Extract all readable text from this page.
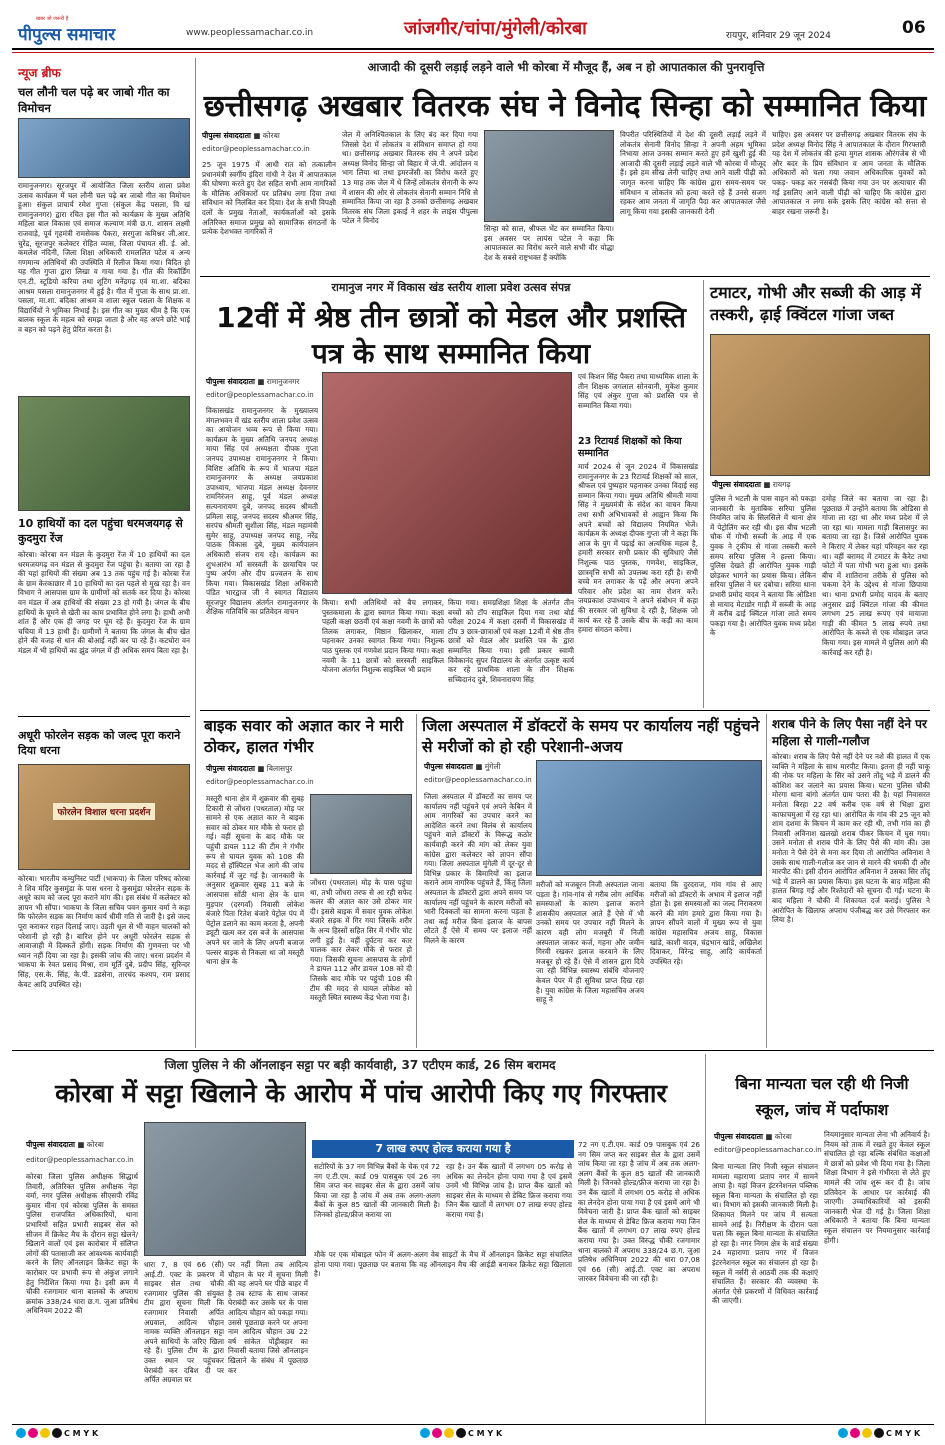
खबर जो जरूरी है
पीपुल्स समाचार	www.peoplessamachar.co.in	जांजगीर/चांपा/मुंगेली/कोरबा	रायपुर, शनिवार 29 जून 2024	06
न्यूज ब्रीफ
चल लौनी चल पढ़े बर जाबो गीत का विमोचन
रामानुजनगर। सूरजपुर में आयोजित जिला स्तरीय शाला प्रवेश उत्सव कार्यक्रम में चल लौनी चल पढ़े बर जाबो गीत का विमोचन हुआ। संकुल प्राचार्य रमेश गुप्ता (संकुल केंद्र पसला, वि खं रामानुजनगर) द्वारा रचित इस गीत को कार्यक्रम के मुख्य अतिथि महिला बाल विकास एवं समाज कल्याण मंत्री छ.ग. शासन लक्ष्मी राजवाड़े, पूर्व गृहमंत्री रामसेवक पैकरा, सरगुजा कमिश्नर जी.आर. चुरेंद्र, सूरजपुर कलेक्टर रोहित व्यास, जिला पंचायत सी. ई. ओ. कमलेश नंदिनी, जिला शिक्षा अधिकारी रामललित पटेल व अन्य गणमान्य अतिथियों की उपस्थिति में रिलीज किया गया। विदित हो यह गीत गुप्ता द्वारा लिखा व गाया गया है। गीत की रिकॉर्डिंग एन.टी. स्टूडियो करिया तथा शूटिंग मनेंद्रगढ़ एवं मा.शा. बदिका आश्रम पसला रामानुजनगर में हुई है। गीत में गुप्ता के साथ प्रा.शा. पसला, मा.शा. बदिका आश्रम व शाला स्कूल पसला के शिक्षक व विद्यार्थियों ने भूमिका निभाई है। इस गीत का मुख्य थीम है कि एक बालक स्कूल के महत्व को समझ जाता है और वह अपने छोटे भाई व बहन को पढ़ने हेतु प्रेरित करता है।
10 हाथियों का दल पहुंचा धरमजयगढ़ से कुदमुरा रेंज
कोरबा। कोरबा वन मंडल के कुदमुरा रेंज में 10 हाथियों का दल धरमजयगढ़ वन मंडल से कुदमुरा रेंज पहुंचा है। बताया जा रहा है की यहां हाथियों की संख्या अब 13 तक पहुंच गई है। कोरबा रेंज के ग्राम केरकाछार में 10 हाथियों का दल पहले से मुख रहा है। वन विभाग ने आसपास ग्राम के ग्रामीणों को सतर्क कर दिया है। कोरबा वन मंडल में अब हाथियों की संख्या 23 हो गयी है। जंगल के बीच हाथियों के घूमने से खेती का काम प्रभावित होने लगा है। हाथी अभी शांत हैं और एक ही जगह पर घूम रहे हैं। कुदमुरा रेंज के ग्राम चचिया में 13 हाथी हैं। ग्रामीणों ने बताया कि जंगल के बीच खेत होने की वजह से धान की बोआई नहीं कर पा रहे हैं। कटघोरा वन मंडल में भी हाथियों का झुंड जंगल में ही अधिक समय बिता रहा है।
अधूरी फोरलेन सड़क को जल्द पूरा कराने दिया धरना
फोरलेन विशाल धरना प्रदर्शन
कोरबा। भारतीय कम्युनिस्ट पार्टी (भाकपा) के जिला परिषद कोरबा ने शिव मंदिर कुसमुंडा के पास धरना दे कुसमुंडा फोरलेन सड़क के अधूरे काम को जल्द पूरा कराने मांग की। इस संबंध में कलेक्टर को ज्ञापन भी सौंपा। भाकपा के जिला सचिव पवन कुमार वर्मा ने कहा कि फोरलेन सड़क का निर्माण कार्य धीमी गति से जारी है। इसे जल्द पूरा कराकर राहत दिलाई जाए। उड़ती धूल से भी वाहन चालकों को परेशानी हो रही है। बारिश होने पर अधूरी फोरलेन सड़क से आवाजाही में दिक्कतें होंगी। सड़क निर्माण की गुणवत्ता पर भी ध्यान नहीं दिया जा रहा है। इसकी जांच की जाए। धरना प्रदर्शन में भाकपा के रेवत प्रसाद मिश्रा, राम मूर्ति दुबे, प्रदीप सिंह, सुरिन्दर सिंह, एस.के. सिंह, के.पी. डडसेना, तारचंद कश्यप, राम प्रसाद केवट आदि उपस्थित रहे।
आजादी की दूसरी लड़ाई लड़ने वाले भी कोरबा में मौजूद हैं, अब न हो आपातकाल की पुनरावृत्ति
छत्तीसगढ़ अखबार वितरक संघ ने विनोद सिन्हा को सम्मानित किया
पीपुल्स संवाददाता ■ कोरबा
editor@peoplessamachar.co.in
25 जून 1975 में आधी रात को तत्कालीन प्रधानमंत्री स्वर्गीय इंदिरा गांधी ने देश में आपातकाल की घोषणा करते हुए देश सहित सभी आम नागरिकों के मौलिक अधिकारों पर प्रतिबंध लगा दिया तथा संविधान को निलंबित कर दिया। देश के सभी विपक्षी दलों के प्रमुख नेताओं, कार्यकर्ताओं को इसके अतिरिक्त समाज प्रमुख को सामाजिक संगठनों के प्रत्येक देशभक्त नागरिकों ने
जेल में अनिश्चितकाल के लिए बंद कर दिया गया जिससे देश में लोकतंत्र व संविधान समाप्त हो गया था। छत्तीसगढ़ अखबार वितरक संघ ने अपने प्रदेश अध्यक्ष विनोद सिन्हा जो बिहार में जे.पी. आंदोलन व भाग लिया था तथा इमरजेंसी का विरोध करते हुए 13 माह तक जेल में थे जिन्हें लोकतंत्र सेनानी के रूप में शासन की ओर से लोकतंत्र सेनानी सम्मान निधि से सम्मानित किया जा रहा है उनको छत्तीसगढ़ अखबार वितरक संघ जिला इकाई ने शहर के लाइंस पीपुल्स पटेल ने विनोद
सिन्हा को साल, श्रीफल भेंट कर सम्मानित किया। इस अवसर पर लायंस पटेल ने कहा कि आपातकाल का विरोध करने वाले सभी वीर योद्धा देश के सबसे राष्ट्रभक्त हैं क्योंकि
विपरीत परिस्थितियों में देश की दूसरी लड़ाई लड़ने में लोकतंत्र सेनानी विनोद सिन्हा ने अपनी अहम भूमिका निभाया आज उनका सम्मान करते हुए हमें खुशी हुई की आजादी की दूसरी लड़ाई लड़ने वाले भी कोरबा में मौजूद हैं। इसे हम सीख लेनी चाहिए तथा आने वाली पीढ़ी को जागृत करना चाहिए कि कांग्रेस द्वारा समय-समय पर संविधान व लोकतंत्र को हत्या करते रहे हैं उनसे सजग रहकर आम जनता में जागृति पैदा कर आपातकाल जैसे लागू किया गया इसकी जानकारी देनी
चाहिए। इस अवसर पर छत्तीसगढ़ अखबार वितरक संघ के प्रदेश अध्यक्ष विनोद सिंह ने आपातकाल के दौरान गिरफ्तारी यह देश में लोकतंत्र की हत्या मुगल शासक औरंगजेब से भी और बदर के प्रिय संविधान व आम जनता के मौलिक अधिकारों को चला गया जवान अधिकारिक युवकों को पकड़- पकड़ कर नसबंदी किया गया उन पर अत्याचार की गई इसलिए आने वाली पीढ़ी को चाहिए कि कांग्रेस द्वारा आपातकाल न लगा सके इसके लिए कांग्रेस को सत्ता से बाहर रखना जरूरी है।
रामानुज नगर में विकास खंड स्तरीय शाला प्रवेश उत्सव संपन्न
12वीं में श्रेष्ठ तीन छात्रों को मेडल और प्रशस्ति पत्र के साथ सम्मानित किया
पीपुल्स संवाददाता ■ रामानुजनगर
editor@peoplessamachar.co.in
विकासखंड रामानुजनगर के मुख्यालय मंगलभवन में खंड स्तरीय शाला प्रवेश उत्सव का आयोजन भव्य रूप से किया गया। कार्यक्रम के मुख्य अतिथि जनपद अध्यक्ष माया सिंह एवं अध्यक्षता दीपक गुप्ता जनपद उपाध्यक्ष रामानुजनगर ने किया। विशिष्ट अतिथि के रूप में भाजपा मंडल रामानुजनगर के अध्यक्ष जयप्रकाश उपाध्याय, भाजपा मंडल अध्यक्ष देवनगर रामनिरंजन साहू, पूर्व मंडल अध्यक्ष सत्यनारायण दुबे, जनपद सदस्य श्रीमती प्रमिला साहू, जनपद सदस्य श्रीअमर सिंह, सरपंच श्रीमती सुशीला सिंह, मंडल महामंत्री सुमेर साहू, उपाध्यक्ष जनपद साहू, नरेंद्र पाठक विकास दुबे, मुख्य कार्यपालन अधिकारी संजय राय रहे। कार्यक्रम का शुभआरंभ माँ सरस्वती के छायाचित्र पर पुष्प अर्पण और दीप प्रज्वलन के साथ किया गया। विकासखंड शिक्षा अधिकारी पंडित भारद्वाज जी ने स्वागत विद्यालय सूरजपुर विद्यालय अंतर्गत रामानुजनगर के शैक्षिक गतिविधि का प्रतिवेदन वाचन
किया। सभी अतिथियों को बैच लगाकर, पुस्तकमाला के द्वारा स्वागत किया गया। कक्षा पहली कक्षा छठवीं एवं कक्षा नवमी के छात्रों को तिलक लगाकर, मिष्ठान खिलाकर, माला पहनाकर उनका स्वागत किया गया। निशुल्क पाठ पुस्तक एवं गणवेश प्रदान किया गया। कक्षा नवमी के 11 छात्रों को सरस्वती साइकिल योजना अंतर्गत निशुल्क साइकिल भी प्रदान
किया गया। समग्रशिक्षा शिक्षा के अंतर्गत तीन बच्चों को टॉप साइकिल दिया गया तथा बोर्ड परीक्षा 2024 में कक्षा दसवीं में विकासखंड में टॉप 3 छात्र-छात्राओं एवं कक्षा 12वीं में श्रेष्ठ तीन छात्रों को मेडल और प्रशस्ति पत्र के द्वारा सम्मानित किया गया। इसी प्रकार स्वामी विवेकानंद सुपर विद्यालय के अंतर्गत उत्कृष्ट कार्य कर रहे प्राथमिक शाला के तीन शिक्षक सच्चिदानंद दुबे, शिवनारायण सिंह
एवं किशन सिंह पैकरा तथा माध्यमिक शाला के तीन शिक्षक जगलाल सोनवानी, मुकेश कुमार सिंह एवं अंकुर गुप्ता को प्रशस्ति पत्र से सम्मानित किया गया।
23 रिटायर्ड शिक्षकों को किया सम्मानित
मार्च 2024 से जून 2024 में विकासखंड रामानुजनगर के 23 रिटायर्ड शिक्षकों को साल, श्रीफल एवं पुष्पहार पहनाकर उनका विदाई सह सम्मान किया गया। मुख्य अतिथि श्रीमती माया सिंह ने मुख्यमंत्री के संदेश का वाचन किया तथा सभी अभिभावकों से आह्वान किया कि अपने बच्चों को विद्यालय नियमित भेजें। कार्यक्रम के अध्यक्ष दीपक गुप्ता जी ने कहा कि आज के युग में पढ़ाई का अत्यधिक महत्व है, हमारी सरकार सभी प्रकार की सुविधाएं जैसे निशुल्क पाठ पुस्तक, गणवेश, साइकिल, छात्रवृत्ति सभी को उपलब्ध करा रही है। सभी बच्चे मन लगाकर के पढ़ें और अपना अपने परिवार और प्रदेश का नाम रोशन करें। जयप्रकाश उपाध्याय ने अपने संबोधन में कहा की सरकार जो सुविधा दे रही है, शिक्षक जो कार्य कर रहे हैं उसके बीच के कड़ी का काम हमारा संगठन करेगा।
टमाटर, गोभी और सब्जी की आड़ में तस्करी, ढ़ाई क्विंटल गांजा जब्त
पीपुल्स संवाददाता ■ रायगढ़
पुलिस ने भटली के पास वाहन को पकड़ा जानकारी के मुताबिक सरिया पुलिस नियमित जांच के सिलसिले में थाना क्षेत्र में पेट्रोलिंग कर रही थी। इस बीच भटली चौक में गोभी सब्जी के आड़ में एक युवक ने टृकीय से गांजा तस्करी करने समय सरिया पुलिस ने हल्ला किया। पुलिस देखते ही आरोपित युवक गाड़ी छोड़कर भागने का प्रयास किया। लेकिन सरिया पुलिस ने घर दबोचा। सरिया थाना प्रभारी प्रमोद यादव ने बताया कि ओडिशा से मायाद मेटाडोर गाड़ी में सब्जी के आड़ में करीब ढाई क्विंटल गांजा लाते समय पकड़ा गया है। आरोपित युवक मध्य प्रदेश के
दमोह जिले का बताया जा रहा है। पूछताछ में उन्होंने बताया कि ओडिसा से गांजा ला रहा था और मध्य प्रदेश में ले जा रहा था। मामला गाड़ी बिलासपुर का बताया जा रहा है। जिसे आरोपित युवक ने किराए में लेकर यहां परिवहन कर रहा था। वहीं बरामद में टमाटर के कैरेट तथा फोटो में पता गोभी भरा हुआ था। इसके बीच में शातिराना तरीके से पुलिस को चकमा देने के उद्देश्य से गांजा छिपाया था। थाना प्रभारी प्रमोद यादव के बताए अनुसार ढाई क्विंटल गांजा की कीमत लगभग 25 लाख रूपए एवं मायाजा गाड़ी की कीमत 5 लाख रुपये तथा आरोपित के कब्जे से एक मोबाइल जप्त किया गया। इस मामले में पुलिस आगे की कार्रवाई कर रही है।
बाइक सवार को अज्ञात कार ने मारी ठोकर, हालत गंभीर
पीपुल्स संवाददाता ■ बिलासपुर
editor@peoplessamachar.co.in
मस्तूरी थाना क्षेत्र में शुक्रवार की सुबह टिकारी से जोंधरा (पथरताल) मोड़ पर सामने से एक अज्ञात कार ने बाइक सवार को ठोकर मार मौके से फरार हो गई। वहीं सूचना के बाद मौके पर पहुंची डायल 112 की टीम ने गंभीर रूप से घायल युवक को 108 की मदद से हॉस्पिटल भेज आगे की जांच कार्रवाई में जुट गई है। जानकारी के अनुसार शुक्रवार सुबह 11 बजे के आसपास सोंठी थाना क्षेत्र के ग्राम मुड़पार (दरगवाँ) निवासी लोकेश बंजारे पिता रितेश बंजारे पेट्रोल पंप में पेट्रोल डलाने का काम करता है, अपनी ड्यूटी खत्म कर दस बजे के आसपास अपने घर जाने के लिए अपनी बजाज पल्सर बाइक से निकला था जो मस्तूरी थाना क्षेत्र के
जोंधरा (पथरताल) मोड़ के पास पहुंचा था, तभी जोंधरा तरफ से आ रही सफेद कलर की अज्ञात कार उसे ठोकर मार दी। इससे बाइक में सवार युवक लोकेश बंजारे सड़क में गिर गया जिसके शरीर के अन्य हिस्सों सहित सिर में गंभीर चोट लगी हुई है। वहीं दुर्घटना कर कार चालक कार लेकर मौके से फरार हो गया। जिसकी सूचना आसपास के लोगों ने डायल 112 और डायल 108 को दी जिसके बाद मौके पर पहुंची 108 की टीम की मदद से घायल लोकेश को मस्तूरी स्थित स्वास्थ्य केंद्र भेजा गया है।
जिला अस्पताल में डॉक्टरों के समय पर कार्यालय नहीं पहुंचने से मरीजों को हो रही परेशानी-अजय
पीपुल्स संवाददाता ■ मुंगेली
editor@peoplessamachar.co.in
जिला अस्पताल में डॉक्टरों का समय पर कार्यालय नहीं पहुंचने एवं अपने केबिन में आम नागरिकों का उपचार करने का आदेशित करने तथा विलंब से कार्यालय पहुंचने वाले डॉक्टरों के विरूद्ध कठोर कार्यवाही करने की मांग को लेकर युवा कांग्रेस द्वारा कलेक्टर को ज्ञापन सौंपा गया। जिला अस्पताल मुंगेली में दूर-दूर से विभिन्न प्रकार के बिमारियों का इलाज कराने आम नागरिक पहुंचते हैं, किंतु जिला अस्पताल के डॉक्टरों द्वारा अपने समय पर कार्यालय नहीं पहुंचने के कारण मरीजों को भारी दिक्कतों का सामना करना पड़ता है तथा कई मरीज बिना इलाज के बापस लौटते हैं ऐसे में समय पर इलाज नहीं मिलने के कारण
मरीजों को मजबूरन निजी अस्पताल जाना पड़ता है। गांव-गांव से गरीब लोग आर्थिक समस्याओं के कारण इलाज कराने शासकीय अस्पताल आते हैं ऐसे में भी उनको समय पर उपचार नहीं मिलने के कारण वही लोग मजबूरी में निजी अस्पताल जाकर कर्ज, गहना और जमीन गिरवी रखकर इलाज करवाने के लिए मजबूर हो रहे हैं। ऐसे में शासन द्वारा दिये जा रही विभिन्न स्वास्थ्य संबंधि योजनाएं केवल पेपर में ही सुविधा प्राप्त दिख रहा है। युवा कांग्रेस के जिला महासचिव अजय साहू ने
बताया कि दुरदराज, गांव गांव से आए मरीजों को डॉक्टरों के अभाव में इलाज नहीं होता है। इस समस्याओं का जल्द निराकरण करने की मांग हमारे द्वारा किया गया है। ज्ञापन सौंपने वालों में मुख्य रूप से युवा कांग्रेस महासचिव अजय साहू, विकास खांडे, काशी यादव, चंद्रभान खांडे, अखिलेश दिवाकर, विरेन्द्र साहू, आदि कार्यकर्ता उपस्थित रहे।
शराब पीने के लिए पैसा नहीं देने पर महिला से गाली-गलौज
कोरबा। शराब के लिए पैसे नहीं देने पर नशे की हालत में एक व्यक्ति ने महिला के साथ मारपीट किया। इतना ही नहीं चाकू की नोक पर महिला के सिर को उसने तोंदू भड़े में डालने की कोशिश कर जलाने का प्रयास किया। घटना पुलिस चौकी मोरगा थाना बांगो अंतर्गत ग्राम पतरा की है। यहां निवासरत मनोता बिरहा 22 वर्ष करीब एक वर्ष से भिक्षा द्वारा काफाचमुआ में रह रहा था। आरोपित के गांव की 25 जून को शाम दशमा के किचन में काम कर रही थी, तभी गांव का ही निवासी अविनाश खलखो शराब पीकर किचन में घुस गया। उसने मनोता से शराब पीने के लिए पैसे की मांग की। उस मनोता ने पैसे देने से मना कर दिया तो आरोपित अविनाश ने उसके साथ गाली-गलौज कर जान से मारने की धमकी दी और मारपीट की। इसी दौरान आरोपित अविनाश ने उसका सिर तोंदू भड़े में डालने का प्रयास किया। इस घटना के बाद महिला की हालत बिगड़ गई और रिश्तेदारों को सूचना दी गई। घटना के बाद महिला ने चौकी में शिकायत दर्ज कराई। पुलिस ने आरोपित के खिलाफ अपराध पंजीबद्ध कर उसे गिरफ्तार कर लिया है।
जिला पुलिस ने की ऑनलाइन सट्टा पर बड़ी कार्यवाही, 37 एटीएम कार्ड, 26 सिम बरामद
कोरबा में सट्टा खिलाने के आरोप में पांच आरोपी किए गए गिरफ्तार
पीपुल्स संवाददाता ■ कोरबा
editor@peoplessamachar.co.in
कोरबा जिला पुलिस अधीक्षक सिद्धार्थ तिवारी, अतिरिक्त पुलिस अधीक्षक नेहा वर्मा, नगर पुलिस अधीक्षक सीएसपी रविंद्र कुमार मीना एवं कोरबा पुलिस के समस्त पुलिस राजपत्रित अधिकारियों, थाना प्रभारियों सहित प्रभारी साइबर सेल को सीजन में क्रिकेट मैच के दौरान सट्टा खेलने/खिलाने वालों एवं इस कारोबार में संलिप्त लोगों की पतासाजी कर आवश्यक कार्यवाही करने के लिए ऑनलाइन क्रिकेट सट्टा के कारोबार पर प्रभावी रूप से अंकुश लगाने हेतु निर्देशित किया गया है। इसी क्रम में चौकी रजगामार थाना बालको के अपराध क्रमांक 338/24 धारा छ.ग. जुआ प्रतिषेध अधिनियम 2022 की
धारा 7, 8 एवं 66 (सी) आई.टी. एक्ट के प्रकरण में साइबर सेल तथा चौकी रजगामार पुलिस की संयुक्त टीम द्वारा सूचना मिली कि रजगामार निवासी अर्पित अग्रवाल, आदित्य चौहान नामक व्यक्ति ऑनलाइन सट्टा अपने साथियों के जरिए खिला रहे हैं। पुलिस टीम के द्वारा उक्त स्थान पर पहुंचकर घेराबंदी कर दबिश दी पर अर्पित अग्रवाल घर
पर नहीं मिला तब आदित्य चौहान के घर में सूचना मिली की वह अपने घर पीछे बाहर में है तब स्टाफ के साथ जाकर घेराबंदी कर उसके घर के पास आदित्य चौहान को पकड़ा गया। उससे पूछताछ करने पर अपना नाम आदित्य चौहान उम्र 22 वर्ष सांकेत पोंड्रीबहार का निवासी बताया जिसे ऑनलाइन खिलाने के संबंध में पूछताछ कर
7 लाख रुपए होल्ड कराया गया है
सटोरियों के 37 नग विभिन्न बैंकों के चेक एवं 72 नग ए.टी.एम. कार्ड 09 पासबुक एवं 26 नग सिम जप्त कर साइबर सेल के द्वारा उसमें जांच किया जा रहा है जांच में अब तक अलग-अलग बैंकों के कुल 85 खातों की जानकारी मिली है। जिनको होल्ड/फ्रीज कराया जा
रहा है। उन बैंक खातों में लगभग 05 करोड़ से अधिक का लेनदेन होना पाया गया है एवं इसमें उनमें भी विभिन्न जांच है। प्राप्त बैंक खातों को साइबर सेल के माध्यम से डेबिट फ्रिज कराया गया जिन बैंक खातों में लगभग 07 लाख रुपए होल्ड कराया गया है।
मौके पर एक मोबाइल फोन में अलग-अलग वेब साइटों के मैच में ऑनलाइन क्रिकेट सट्टा संचालित होना पाया गया। पूछताछ पर बताया कि वह ऑनलाइन मैच की आईडी बनाकर क्रिकेट सट्टा खिलाता है।
72 नग ए.टी.एम. कार्ड 09 पासबुक एवं 26 नग सिम जप्त कर साइबर सेल के द्वारा उसमें जांच किया जा रहा है जांच में अब तक अलग-अलग बैंकों के कुल 85 खातों की जानकारी मिली है। जिनको होल्ड/फ्रीज कराया जा रहा है। उन बैंक खातों में लगभग 05 करोड़ से अधिक का लेनदेन होना पाया गया है एवं इसमें आगे भी विवेचना जारी है। प्राप्त बैंक खातों को साइबर सेल के माध्यम से डेबिट फ्रिज कराया गया जिन बैंक खातों में लगभग 07 लाख रुपए होल्ड कराया गया है। उक्त विरुद्ध चौकी रजगामार थाना बालको में अपराध 338/24 छ.ग. जुआ प्रतिषेध अधिनियम 2022 की धारा 07,08 एवं 66 (सी) आई.टी. एक्ट का अपराध जारकर विवेचना की जा रही है।
बिना मान्यता चल रही थी निजी
स्कूल, जांच में पर्दाफाश
पीपुल्स संवाददाता ■ कोरबा
editor@peoplessamachar.co.in
बिना मान्यता लिए निजी स्कूल संचालन मामला महाराणा प्रताप नगर में सामने आया है। यहां विजन इंटरनेशनल पब्लिक स्कूल बिना मान्यता के संचालित हो रहा था। विभाग को इसकी जानकारी मिली है। शिकायत मिलने पर जांच में सत्यता सामने आई है। निरीक्षण के दौरान पता चला कि स्कूल बिना मान्यता के संचालित हो रहा है। नगर निगम क्षेत्र के वार्ड संख्या 24 महाराणा प्रताप नगर में विजन इंटरनेशनल स्कूल का संचालन हो रहा है। स्कूल में नर्सरी से आठवीं तक की कक्षाएं संचालित हैं। सरकार की व्यवस्था के अंतर्गत ऐसे प्रकरणों में विधिवत कार्रवाई की जाएगी।
नियमानुसार मान्यता लेना भी अनिवार्य है। नियम को ताक में रखते हुए केवल स्कूल संचालित हो रहा बल्कि संबंधित कक्षाओं में छात्रों को प्रवेश भी दिया गया है। जिला शिक्षा विभाग ने इसे गंभीरता से लेते हुए मामले की जांच शुरू कर दी है। जांच प्रतिवेदन के आधार पर कार्रवाई की जाएगी। उच्चाधिकारियों को इसकी जानकारी भेज दी गई है। जिला शिक्षा अधिकारी ने बताया कि बिना मान्यता स्कूल संचालन पर नियमानुसार कार्रवाई होगी।
C M Y K	C M Y K	C M Y K
